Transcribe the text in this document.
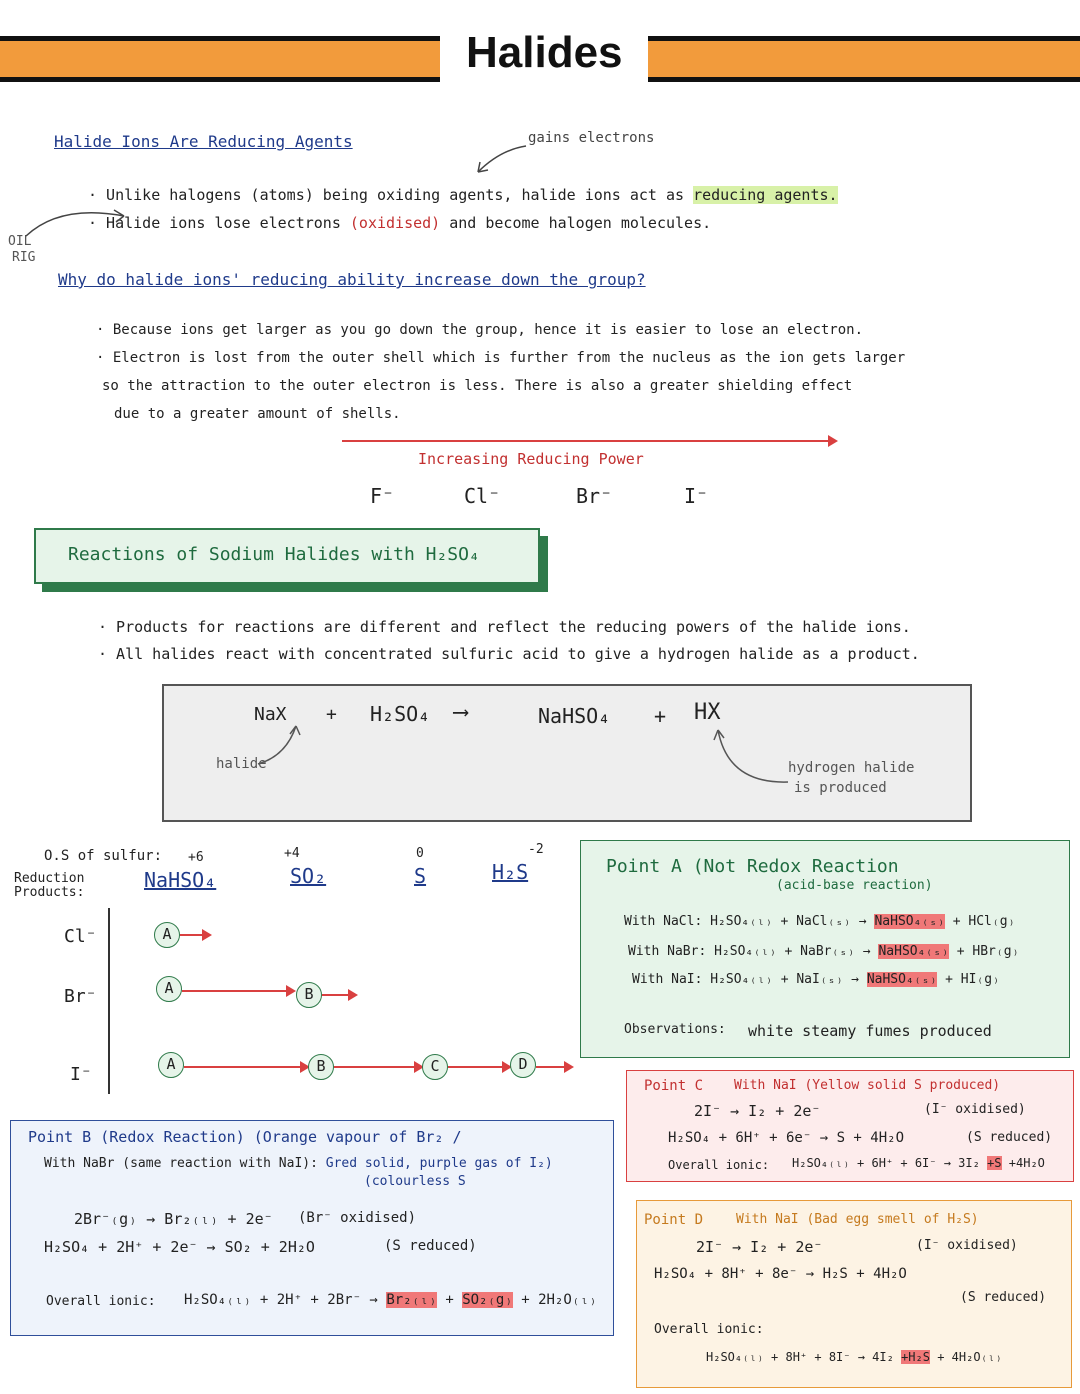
Halides
OIL
RIG
Halide Ions Are Reducing Agents	gains electrons
· Unlike halogens (atoms) being oxiding agents, halide ions act as reducing agents.
· Halide ions lose electrons (oxidised) and become halogen molecules.
Why do halide ions' reducing ability increase down the group?
· Because ions get larger as you go down the group, hence it is easier to lose an electron.
· Electron is lost from the outer shell which is further from the nucleus as the ion gets larger
so the attraction to the outer electron is less. There is also a greater shielding effect
due to a greater amount of shells.
Increasing Reducing Power
F⁻	Cl⁻	Br⁻	I⁻
Reactions of Sodium Halides with H₂SO₄
· Products for reactions are different and reflect the reducing powers of the halide ions.
· All halides react with concentrated sulfuric acid to give a hydrogen halide as a product.
NaX + H₂SO₄ ⟶	NaHSO₄ + HX
halide	hydrogen halide
is produced
O.S of sulfur:
Reduction Products:
+6	+4	0	-2
NaHSO₄	SO₂	S	H₂S
Cl⁻
Br⁻
I⁻
A
A	B
A	B	C	D
Point A (Not Redox Reaction
(acid-base reaction)
With NaCl: H₂SO₄₍ₗ₎ + NaCl₍ₛ₎ → NaHSO₄₍ₛ₎ + HCl₍g₎
With NaBr: H₂SO₄₍ₗ₎ + NaBr₍ₛ₎ → NaHSO₄₍ₛ₎ + HBr₍g₎
With NaI: H₂SO₄₍ₗ₎ + NaI₍ₛ₎ → NaHSO₄₍ₛ₎ + HI₍g₎
Observations: white steamy fumes produced
Point B (Redox Reaction) (Orange vapour of Br₂ /
With NaBr (same reaction with NaI): Gred solid, purple gas of I₂)
(colourless S
2Br⁻₍g₎ → Br₂₍ₗ₎ + 2e⁻ (Br⁻ oxidised)
H₂SO₄ + 2H⁺ + 2e⁻ → SO₂ + 2H₂O	(S reduced)
Overall ionic: H₂SO₄₍ₗ₎ + 2H⁺ + 2Br⁻ → Br₂₍ₗ₎ + SO₂₍g₎ + 2H₂O₍ₗ₎
Point C With NaI (Yellow solid S produced)
2I⁻ → I₂ + 2e⁻	(I⁻ oxidised)
H₂SO₄ + 6H⁺ + 6e⁻ → S + 4H₂O	(S reduced)
Overall ionic: H₂SO₄₍ₗ₎ + 6H⁺ + 6I⁻ → 3I₂ +S +4H₂O
Point D	With NaI (Bad egg smell of H₂S)
2I⁻ → I₂ + 2e⁻	(I⁻ oxidised)
H₂SO₄ + 8H⁺ + 8e⁻ → H₂S + 4H₂O
(S reduced)
Overall ionic:
H₂SO₄₍ₗ₎ + 8H⁺ + 8I⁻ → 4I₂ +H₂S + 4H₂O₍ₗ₎
